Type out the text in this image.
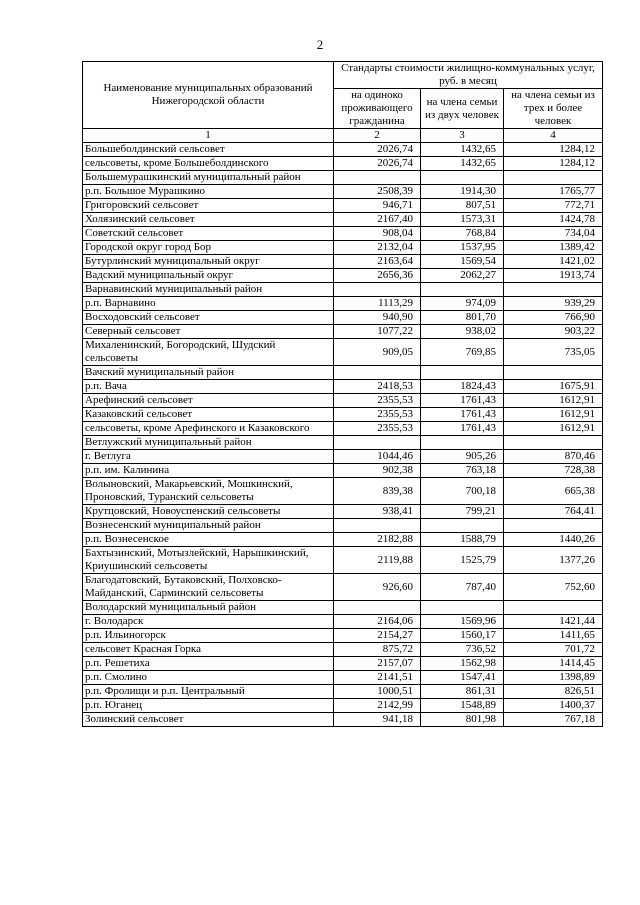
2
Наименование муниципальных образований Нижегородской области	Стандарты стоимости жилищно-коммунальных услуг, руб. в месяц		
	на одиноко проживающего гражданина	на члена семьи из двух человек	на члена семьи из трех и более человек
1	2	3	4
Большеболдинский сельсовет	2026,74	1432,65	1284,12
сельсоветы, кроме Большеболдинского	2026,74	1432,65	1284,12
Большемурашкинский муниципальный район			
р.п. Большое Мурашкино	2508,39	1914,30	1765,77
Григоровский сельсовет	946,71	807,51	772,71
Холязинский сельсовет	2167,40	1573,31	1424,78
Советский сельсовет	908,04	768,84	734,04
Городской округ город Бор	2132,04	1537,95	1389,42
Бутурлинский муниципальный округ	2163,64	1569,54	1421,02
Вадский муниципальный округ	2656,36	2062,27	1913,74
Варнавинский муниципальный район			
р.п. Варнавино	1113,29	974,09	939,29
Восходовский сельсовет	940,90	801,70	766,90
Северный сельсовет	1077,22	938,02	903,22
Михаленинский, Богородский, Шудский сельсоветы	909,05	769,85	735,05
Вачский муниципальный район			
р.п. Вача	2418,53	1824,43	1675,91
Арефинский сельсовет	2355,53	1761,43	1612,91
Казаковский сельсовет	2355,53	1761,43	1612,91
сельсоветы, кроме Арефинского и Казаковского	2355,53	1761,43	1612,91
Ветлужский муниципальный район			
г. Ветлуга	1044,46	905,26	870,46
р.п. им. Калинина	902,38	763,18	728,38
Волыновский, Макарьевский, Мошкинский, Проновский, Туранский сельсоветы	839,38	700,18	665,38
Крутцовский, Новоуспенский сельсоветы	938,41	799,21	764,41
Вознесенский муниципальный район			
р.п. Вознесенское	2182,88	1588,79	1440,26
Бахтызинский, Мотызлейский, Нарышкинский, Криушинский сельсоветы	2119,88	1525,79	1377,26
Благодатовский, Бутаковский, Полховско-Майданский, Сарминский сельсоветы	926,60	787,40	752,60
Володарский муниципальный район			
г. Володарск	2164,06	1569,96	1421,44
р.п. Ильиногорск	2154,27	1560,17	1411,65
сельсовет Красная Горка	875,72	736,52	701,72
р.п. Решетиха	2157,07	1562,98	1414,45
р.п. Смолино	2141,51	1547,41	1398,89
р.п. Фролищи и р.п. Центральный	1000,51	861,31	826,51
р.п. Юганец	2142,99	1548,89	1400,37
Золинский сельсовет	941,18	801,98	767,18
